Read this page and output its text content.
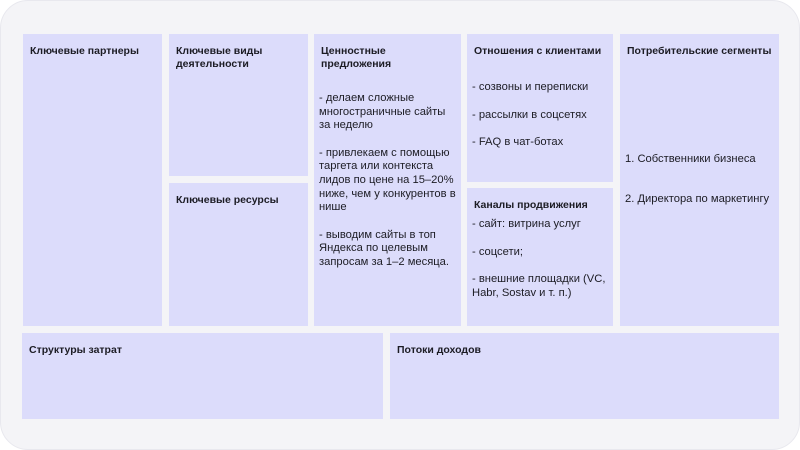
Ключевые партнеры	Ключевые виды деятельности
Ключевые ресурсы
Ценностные предложения
- делаем сложные многостраничные сайты за неделю
- привлекаем с помощью таргета или контекста лидов по цене на 15–20% ниже, чем у конкурентов в нише
- выводим сайты в топ Яндекса по целевым запросам за 1–2 месяца.
Отношения с клиентами
- созвоны и переписки
- рассылки в соцсетях
- FAQ в чат-ботах
Каналы продвижения
- сайт: витрина услуг
- соцсети;
- внешние площадки (VC, Habr, Sostav и т. п.)
Потребительские сегменты
1. Собственники бизнеса
2. Директора по маркетингу
Структуры затрат	Потоки доходов
